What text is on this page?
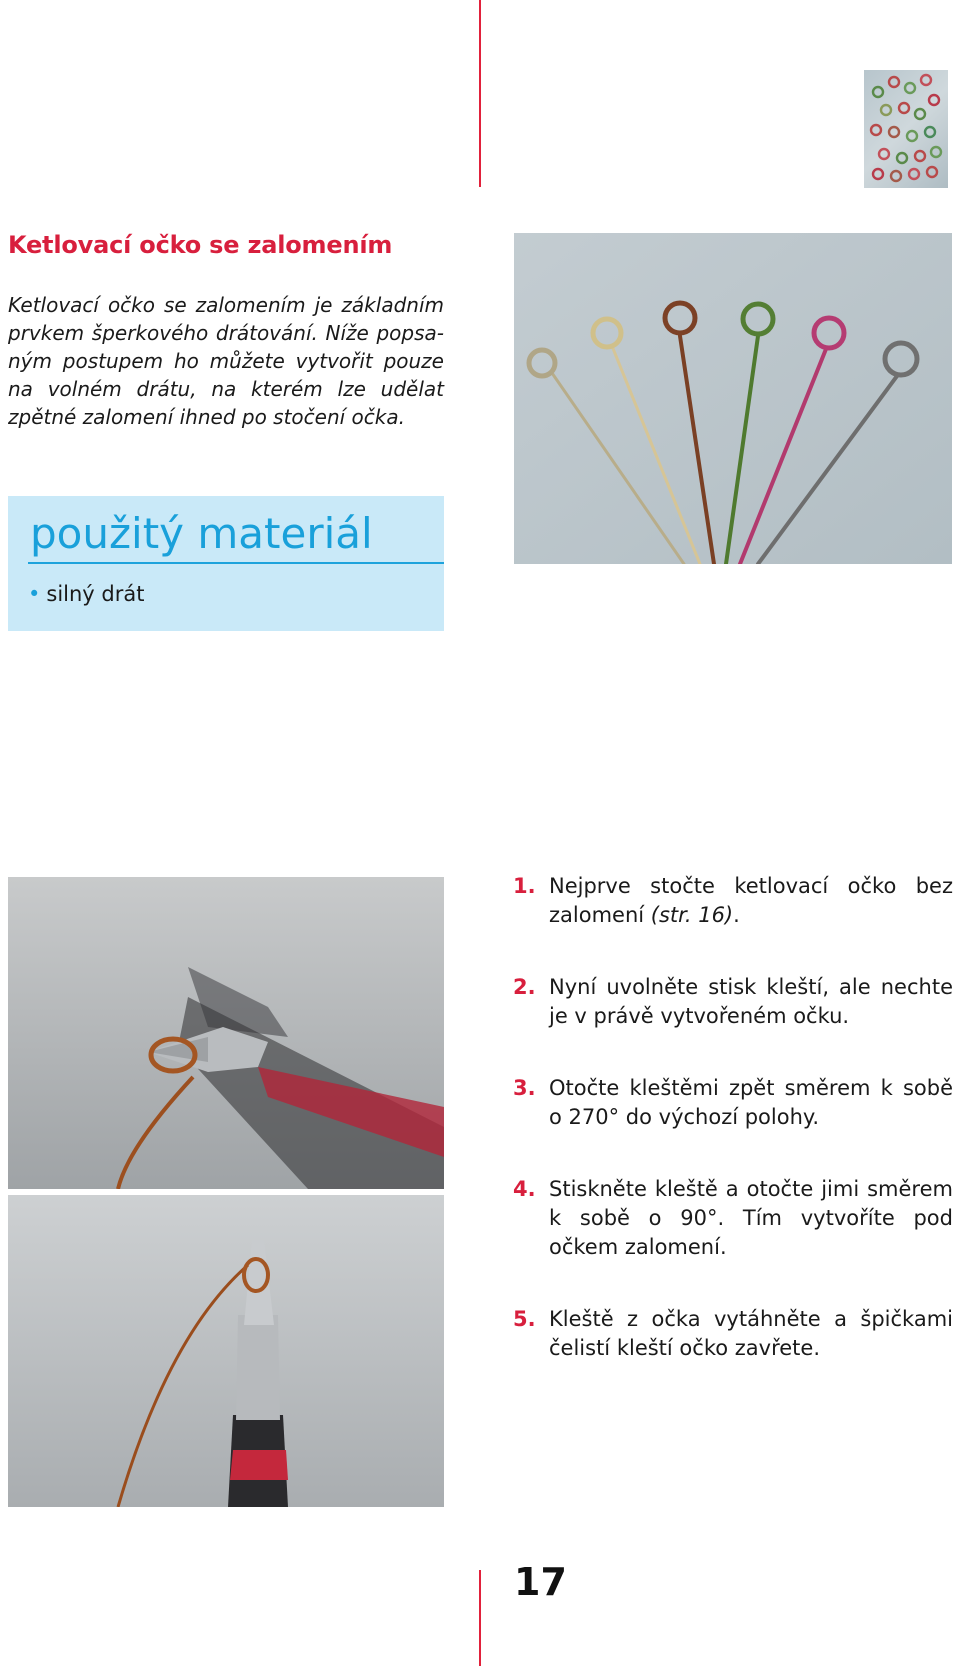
Ketlovací očko se zalomením

Ketlovací očko se zalomením je základním prvkem šperkového drátování. Níže popsaným postupem ho můžete vytvořit pouze na volném drátu, na kterém lze udělat zpětné zalomení ihned po stočení očka.

použitý materiál
• silný drát
1. Nejprve stočte ketlovací očko bez zalomení (str. 16).
2. Nyní uvolněte stisk kleští, ale nechte je v právě vytvořeném očku.
3. Otočte kleštěmi zpět směrem k sobě o 270° do výchozí polohy.
4. Stiskněte kleště a otočte jimi směrem k sobě o 90°. Tím vytvoříte pod očkem zalomení.
5. Kleště z očka vytáhněte a špičkami čelistí kleští očko zavřete.

17
